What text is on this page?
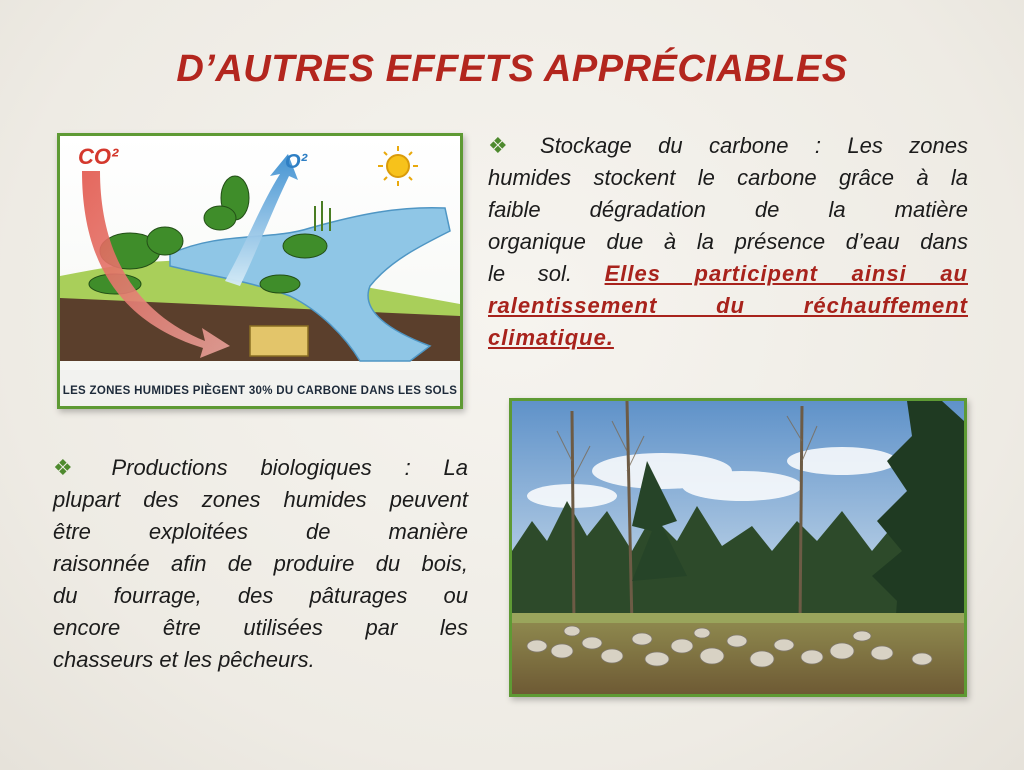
D’AUTRES EFFETS APPRÉCIABLES
CO²	O²
LES ZONES HUMIDES PIÈGENT 30% DU CARBONE DANS LES SOLS
❖ Stockage du carbone : Les zones
humides stockent le carbone grâce à la
faible dégradation de la matière
organique due à la présence d’eau dans
le sol. Elles participent ainsi au
ralentissement du réchauffement
climatique.
❖ Productions biologiques : La
plupart des zones humides peuvent
être exploitées de manière
raisonnée afin de produire du bois,
du fourrage, des pâturages ou
encore être utilisées par les
chasseurs et les pêcheurs.
